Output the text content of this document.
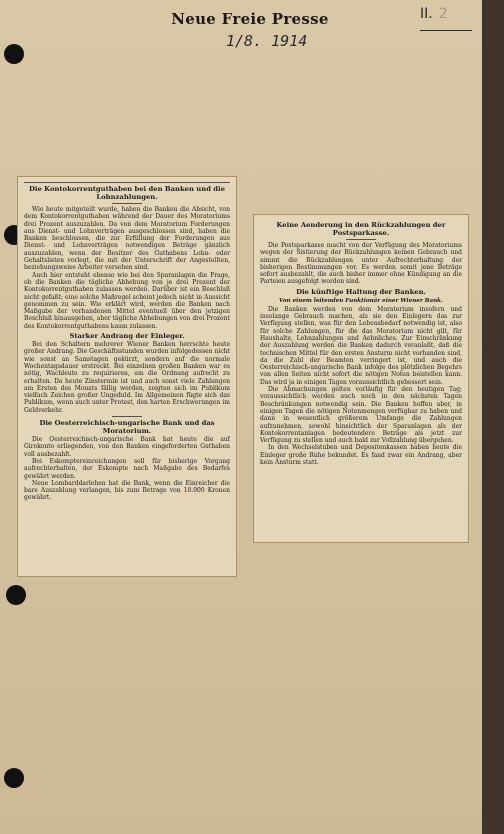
Neue Freie Presse
1/8. 1914
II. 2
Die Kontokorrentguthaben bei den Banken und die Lohnzahlungen.

Wie heute mitgeteilt wurde, haben die Banken die Absicht, von dem Kontokorrentguthaben während der Dauer des Moratoriums drei Prozent auszuzahlen. Da von dem Moratorium Forderungen aus Dienst- und Lohnverträgen ausgeschlossen sind, haben die Banken beschlossen, die zur Erfüllung der Forderungen aus Dienst- und Lohnverträgen notwendigen Beträge gänzlich auszuzahlen, wenn der Besitzer des Guthabens Lohn- oder Gehaltslisten vorlegt, die mit der Unterschrift der Angestellten, beziehungsweise Arbeiter versehen sind.

Auch hier entsteht ebenso wie bei den Sparanlagen die Frage, ob die Banken die tägliche Abhebung von je drei Prozent der Kontokorrentguthaben zulassen werden. Darüber ist ein Beschluß nicht gefaßt; eine solche Maßregel scheint jedoch nicht in Aussicht genommen zu sein. Wie erklärt wird, werden die Banken nach Maßgabe der vorhandenen Mittel eventuell über den jetzigen Beschluß hinausgehen, aber tägliche Abhebungen von drei Prozent des Kontokorrentguthabens kaum zulassen.

Starker Andrang der Einleger.

Bei den Schaltern mehrerer Wiener Banken herrschte heute großer Andrang. Die Geschäftsstunden wurden infolgedessen nicht wie sonst an Samstagen gekürzt, sondern auf die normale Wochentagsdauer erstreckt. Bei einzelnen großen Banken war es nötig, Wachleute zu requirieren, um die Ordnung aufrecht zu erhalten. Da heute Zinstermin ist und auch sonst viele Zahlungen am Ersten des Monats fällig werden, zeigten sich im Publikum vielfach Zeichen großer Ungeduld. Im Allgemeinen fügte sich das Publikum, wenn auch unter Protest, den harten Erschwerungen im Geldverkehr.

Die Oesterreichisch-ungarische Bank und das Moratorium.

Die Oesterreichisch-ungarische Bank hat heute die auf Girokonto erliegenden, von den Banken eingeforderten Guthaben voll ausbezahlt.

Bei Eskomptereinreichungen soll für bisherige Vorgang aufrechterhalten, der Eskompte nach Maßgabe des Bedarfes gewährt werden.

Neue Lombarddarlehen hat die Bank, wenn die Einreicher die bare Auszahlung verlangen, bis zum Betrage von 10.000 Kronen gewährt.

Keine Aenderung in den Rückzahlungen der Postsparkasse.

Die Postsparkasse macht von der Verfügung des Moratoriums wegen der Sistierung der Rückzahlungen keinen Gebrauch und nimmt die Rückzahlungen unter Aufrechterhaltung der bisherigen Bestimmungen vor. Es werden somit jene Beträge sofort ausbezahlt, die auch bisher immer ohne Kündigung an die Parteien ausgefolgt worden sind.

Die künftige Haltung der Banken.
Von einem leitenden Funktionär einer Wiener Bank.

Die Banken werden von dem Moratorium insofern und insolange Gebrauch machen, als sie den Einlegern das zur Verfügung stellen, was für den Lebensbedarf notwendig ist, also für solche Zahlungen, für die das Moratorium nicht gilt, für Haushalte, Lohnzahlungen und Aehnliches. Zur Einschränkung der Auszahlung werden die Banken dadurch veranlaßt, daß die technischen Mittel für den ersten Ansturm nicht vorhanden sind, da die Zahl der Beamten verringert ist, und auch die Oesterreichisch-ungarische Bank infolge des plötzlichen Begehrs von allen Seiten nicht sofort die nötigen Noten beistellen kann. Das wird ja in einigen Tagen voraussichtlich gebessert sein.

Die Abmachungen gelten vorläufig für den heutigen Tag; voraussichtlich werden auch noch in den nächsten Tagen Beschränkungen notwendig sein. Die Banken hoffen aber, in einigen Tagen die nötigen Notenmengen verfügbar zu haben und dann in wesentlich größerem Umfange die Zahlungen aufzunehmen, sowohl hinsichtlich der Sparanlagen als der Kontokorrentanlagen bedeutendere Beträge als jetzt zur Verfügung zu stellen und auch bald zur Vollzahlung übergehen.

In den Wechselstuben und Depositenkassen haben heute die Einleger große Ruhe bekundet. Es fand zwar ein Andrang, aber kein Ansturm statt.
